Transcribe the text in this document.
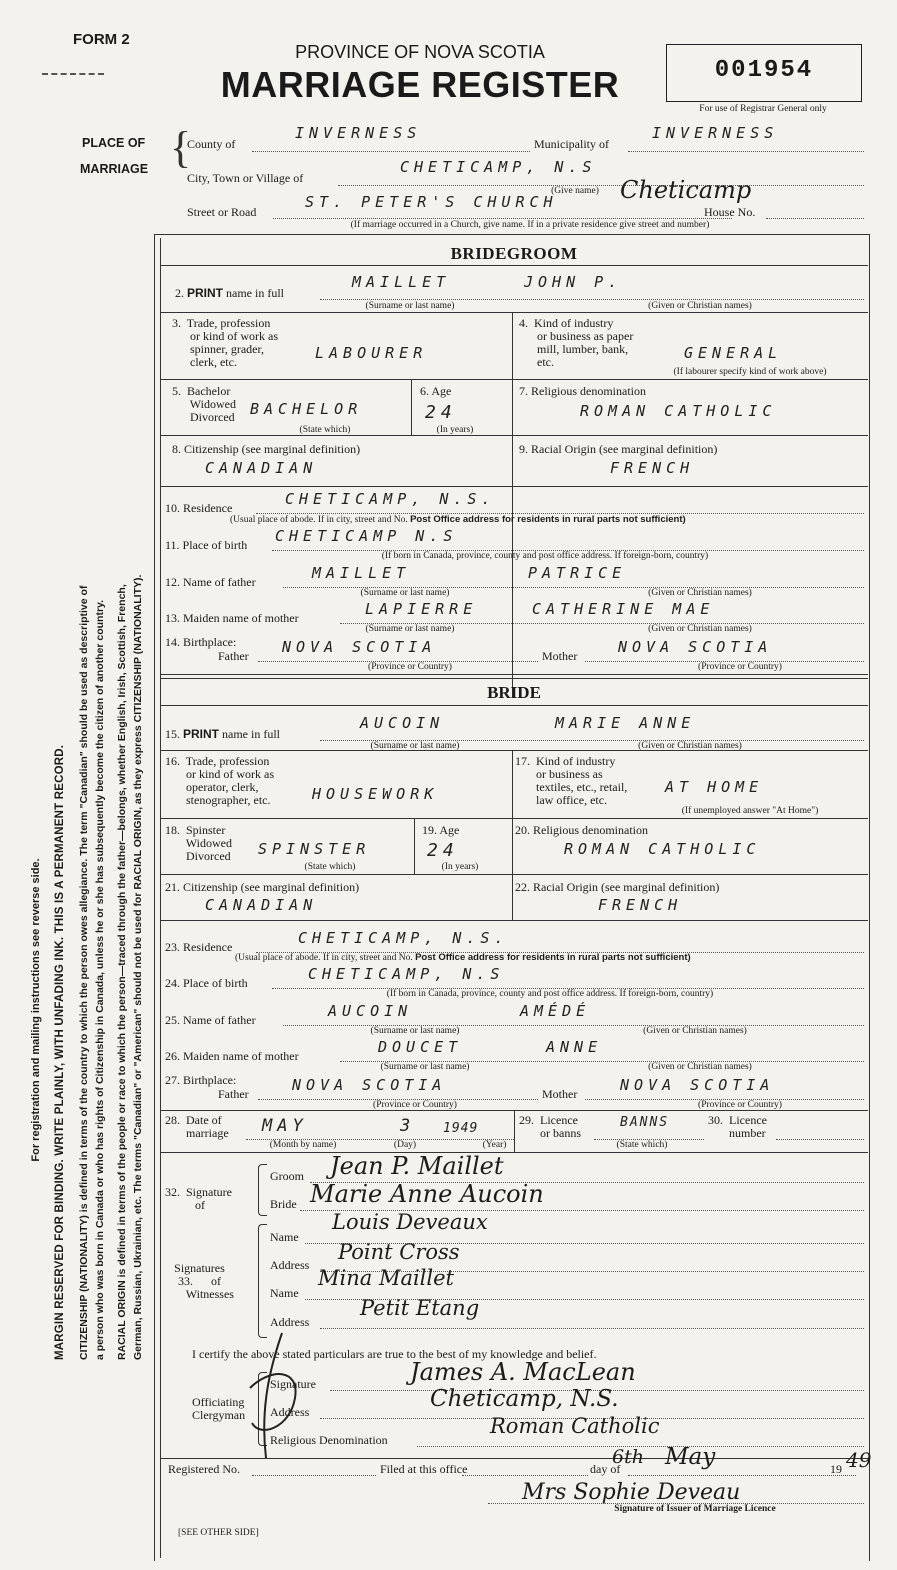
For registration and mailing instructions see reverse side. MARGIN RESERVED FOR BINDING. WRITE PLAINLY, WITH UNFADING INK. THIS IS A PERMANENT RECORD. CITIZENSHIP (NATIONALITY) is defined in terms of the country to which the person owes allegiance. The term "Canadian" should be used as descriptive of a person who was born in Canada or who has rights of Citizenship in Canada, unless he or she has subsequently become the citizen of another country. RACIAL ORIGIN is defined in terms of the people or race to which the person—traced through the father—belongs, whether English, Irish, Scottish, French, German, Russian, Ukrainian, etc. The terms "Canadian" or "American" should not be used for RACIAL ORIGIN, as they express CITIZENSHIP (NATIONALITY).
FORM 2
PROVINCE OF NOVA SCOTIA
MARRIAGE REGISTER	001954
For use of Registrar General only
PLACE OF
MARRIAGE {
County of
INVERNESS
Municipality of
INVERNESS
City, Town or Village of
CHETICAMP, N.S
(Give name)
Street or Road
ST. PETER'S CHURCH	Cheticamp
House No.
(If marriage occurred in a Church, give name. If in a private residence give street and number)
BRIDEGROOM
2. PRINT name in full
MAILLET	JOHN P.
(Surname or last name)	(Given or Christian names)
3.  Trade, profession
or kind of work as
spinner, grader,
clerk, etc.	LABOURER
4.  Kind of industry
or business as paper
mill, lumber, bank,
etc.	GENERAL
(If labourer specify kind of work above)
5.  Bachelor
Widowed
Divorced BACHELOR
(State which)
6. Age
24
(In years)
7. Religious denomination
ROMAN CATHOLIC
8. Citizenship (see marginal definition)
CANADIAN
9. Racial Origin (see marginal definition)
FRENCH
10. Residence	CHETICAMP, N.S.
(Usual place of abode. If in city, street and No. Post Office address for residents in rural parts not sufficient)
11. Place of birth CHETICAMP N.S
(If born in Canada, province, county and post office address. If foreign-born, country)
12. Name of father	MAILLET	PATRICE
(Surname or last name)	(Given or Christian names)
13. Maiden name of mother	LAPIERRE	CATHERINE MAE
(Surname or last name)	(Given or Christian names)
14. Birthplace:
Father NOVA SCOTIA	Mother	NOVA SCOTIA
(Province or Country)	(Province or Country)
BRIDE
15. PRINT name in full
AUCOIN	MARIE ANNE
(Surname or last name)	(Given or Christian names)
16.  Trade, profession
or kind of work as
operator, clerk,
stenographer, etc.	HOUSEWORK
17.  Kind of industry
or business as
textiles, etc., retail,
law office, etc.
AT HOME
(If unemployed answer "At Home")
18.  Spinster
Widowed
Divorced SPINSTER
(State which)
19. Age
24
(In years)
20. Religious denomination
ROMAN CATHOLIC
21. Citizenship (see marginal definition)
CANADIAN
22. Racial Origin (see marginal definition)
FRENCH
23. Residence	CHETICAMP, N.S.
(Usual place of abode. If in city, street and No. Post Office address for residents in rural parts not sufficient)
24. Place of birth	CHETICAMP, N.S
(If born in Canada, province, county and post office address. If foreign-born, country)
25. Name of father	AUCOIN	AMÉDÉ
(Surname or last name)	(Given or Christian names)
26. Maiden name of mother	DOUCET	ANNE
(Surname or last name)	(Given or Christian names)
27. Birthplace:
Father	NOVA SCOTIA	Mother	NOVA SCOTIA
(Province or Country)	(Province or Country)
28.  Date of
marriage MAY	3 1949
(Month by name)	(Day)	(Year)
29.  Licence
or banns
BANNS
(State which)
30.  Licence
number
32.  Signature
of
Groom Jean P. Maillet
Bride Marie Anne Aucoin
Signatures
33.      of
Witnesses
Name
Louis Deveaux
Address
Point Cross
Name
Mina Maillet
Address
Petit Etang
I certify the above stated particulars are true to the best of my knowledge and belief.
Officiating
Clergyman
Signature	James A. MacLean
Address	Cheticamp, N.S.
Religious Denomination
Roman Catholic
Registered No.	Filed at this office
6th
day of May	19 49
Mrs Sophie Deveau
Signature of Issuer of Marriage Licence
[SEE OTHER SIDE]
